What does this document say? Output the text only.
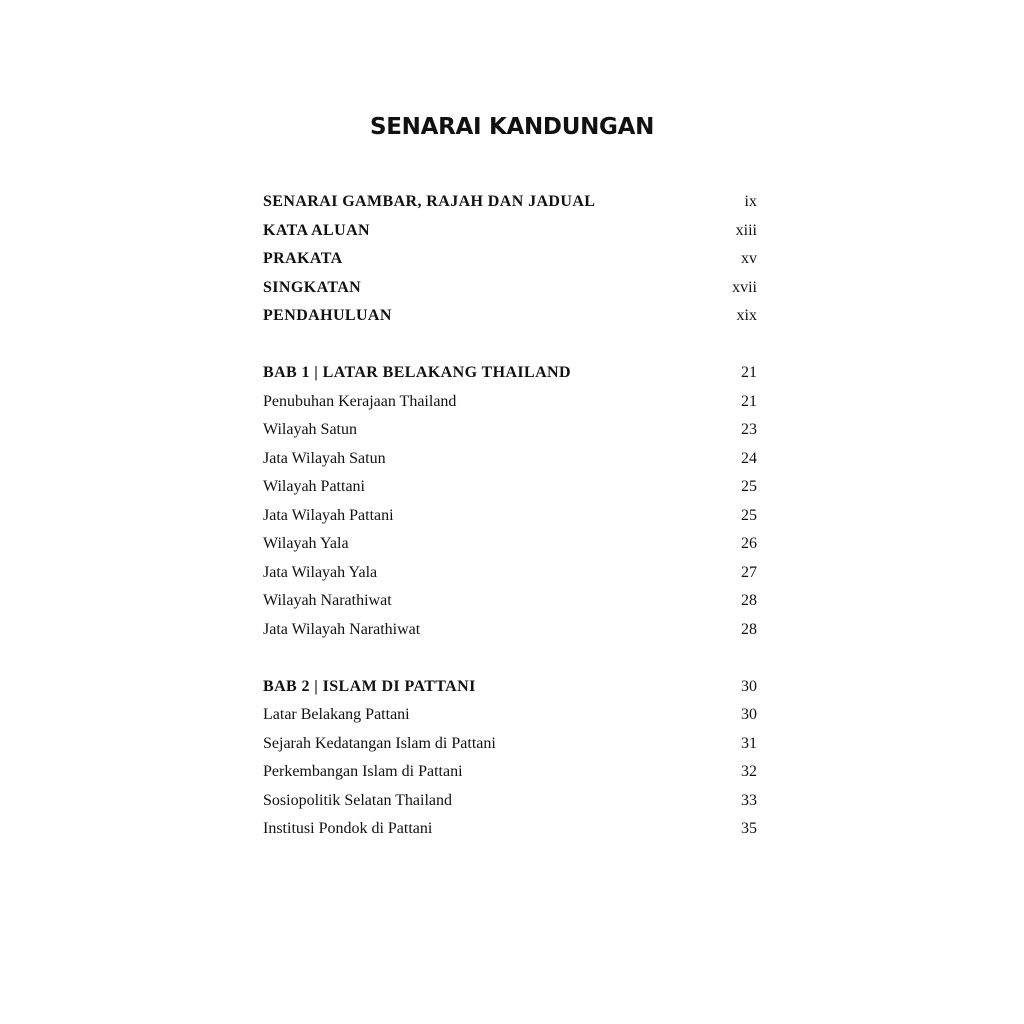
SENARAI KANDUNGAN
SENARAI GAMBAR, RAJAH DAN JADUAL	ix
KATA ALUAN	xiii
PRAKATA	xv
SINGKATAN	xvii
PENDAHULUAN	xix
BAB 1 | LATAR BELAKANG THAILAND	21
Penubuhan Kerajaan Thailand	21
Wilayah Satun	23
Jata Wilayah Satun	24
Wilayah Pattani	25
Jata Wilayah Pattani	25
Wilayah Yala	26
Jata Wilayah Yala	27
Wilayah Narathiwat	28
Jata Wilayah Narathiwat	28
BAB 2 | ISLAM DI PATTANI	30
Latar Belakang Pattani	30
Sejarah Kedatangan Islam di Pattani	31
Perkembangan Islam di Pattani	32
Sosiopolitik Selatan Thailand	33
Institusi Pondok di Pattani	35
